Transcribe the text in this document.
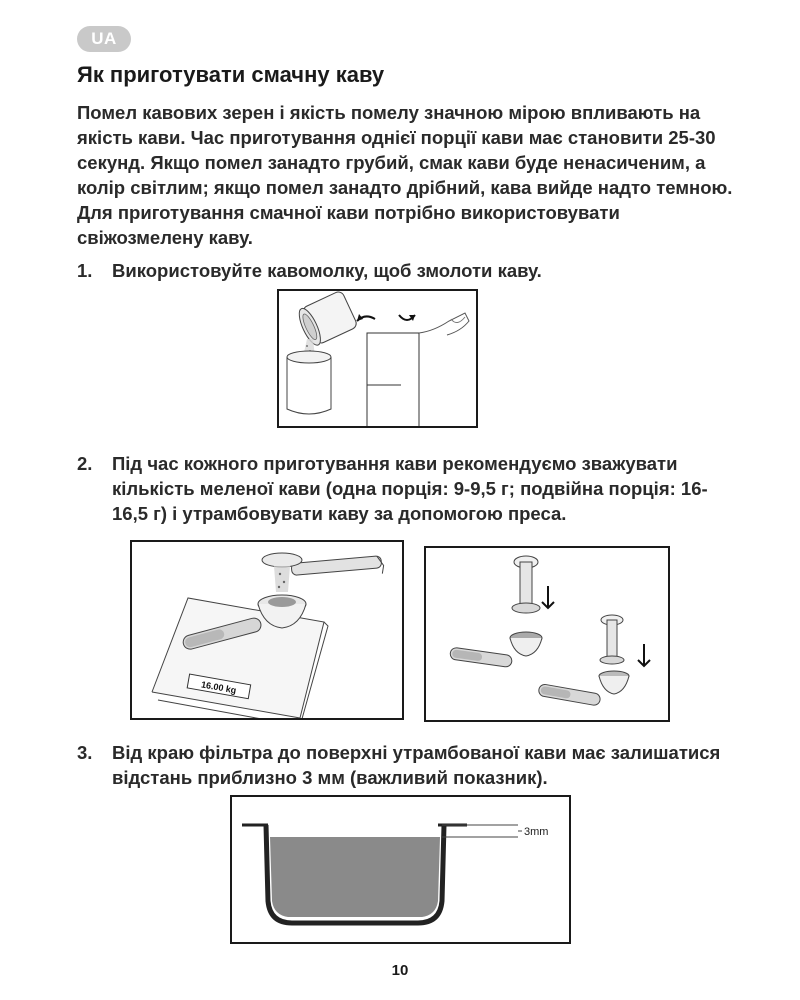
UA
Як приготувати смачну каву

Помел кавових зерен і якість помелу значною мірою впливають на якість кави. Час приготування однієї порції кави має становити 25-30 секунд. Якщо помел занадто грубий, смак кави буде ненасиченим, а колір світлим; якщо помел занадто дрібний, кава вийде надто темною. Для приготування смачної кави потрібно використовувати свіжозмелену каву.

1. Використовуйте кавомолку, щоб змолоти каву.
2. Під час кожного приготування кави рекомендуємо зважувати кількість меленої кави (одна порція: 9-9,5 г; подвійна порція: 16-16,5 г) і утрамбовувати каву за допомогою преса.
16.00 kg
3. Від краю фільтра до поверхні утрамбованої кави має залишатися відстань приблизно 3 мм (важливий показник).
3mm
10
